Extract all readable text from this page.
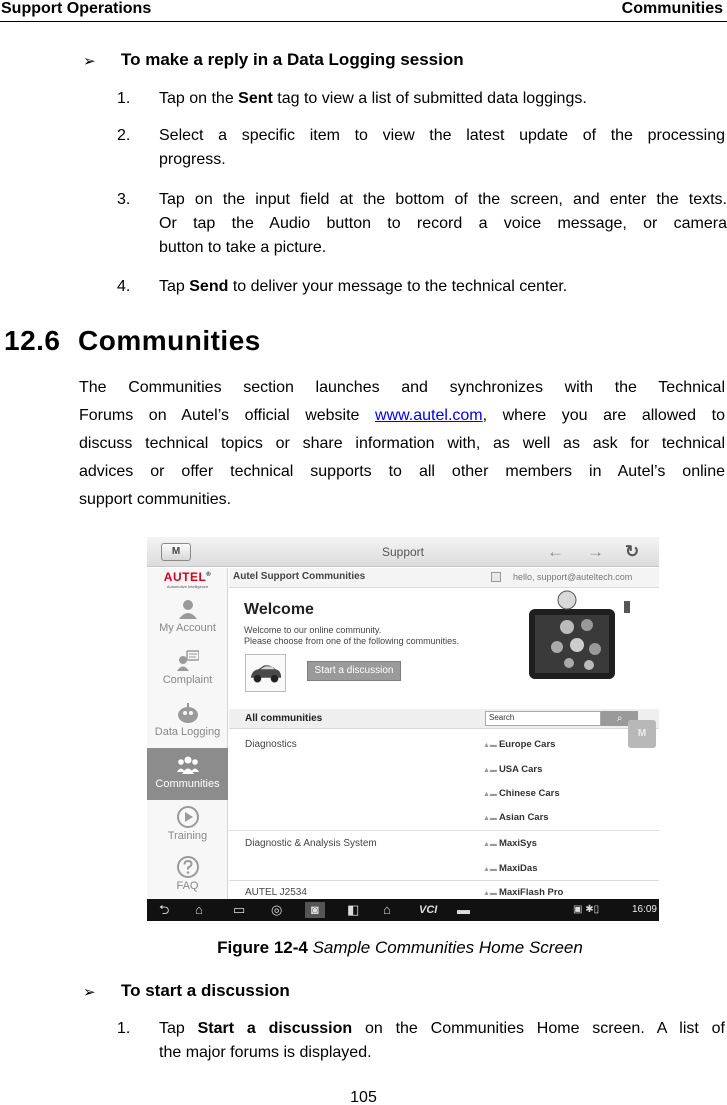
Support Operations	Communities
➢ To make a reply in a Data Logging session
1. Tap on the Sent tag to view a list of submitted data loggings.
2. Select a specific item to view the latest update of the processing
progress.
3. Tap on the input field at the bottom of the screen, and enter the texts.
Or tap the Audio button to record a voice message, or camera
button to take a picture.
4. Tap Send to deliver your message to the technical center.
12.6 Communities
The Communities section launches and synchronizes with the Technical
Forums on Autel’s official website www.autel.com, where you are allowed to
discuss technical topics or share information with, as well as ask for technical
advices or offer technical supports to all other members in Autel’s online
support communities.
M	Support	← → ↻
AUTEL®
Automotive Intelligence
My Account
Complaint
Data Logging
Communities
Training
FAQ
Autel Support Communities	hello, support@auteltech.com
Welcome
Welcome to our online community.
Please choose from one of the following communities.
Start a discussion
All communities	Search	⌕
M
Diagnostics	▲▬ Europe Cars
▲▬ USA Cars
▲▬ Chinese Cars
▲▬ Asian Cars
Diagnostic & Analysis System	▲▬ MaxiSys
▲▬ MaxiDas
AUTEL J2534	▲▬ MaxiFlash Pro
⮌ ⌂ ▭ ◎	◙	◧ ⌂	VCI ▬	▣ ✱▯	16:09
Figure 12-4 Sample Communities Home Screen
➢ To start a discussion
1. Tap Start a discussion on the Communities Home screen. A list of
the major forums is displayed.
105
